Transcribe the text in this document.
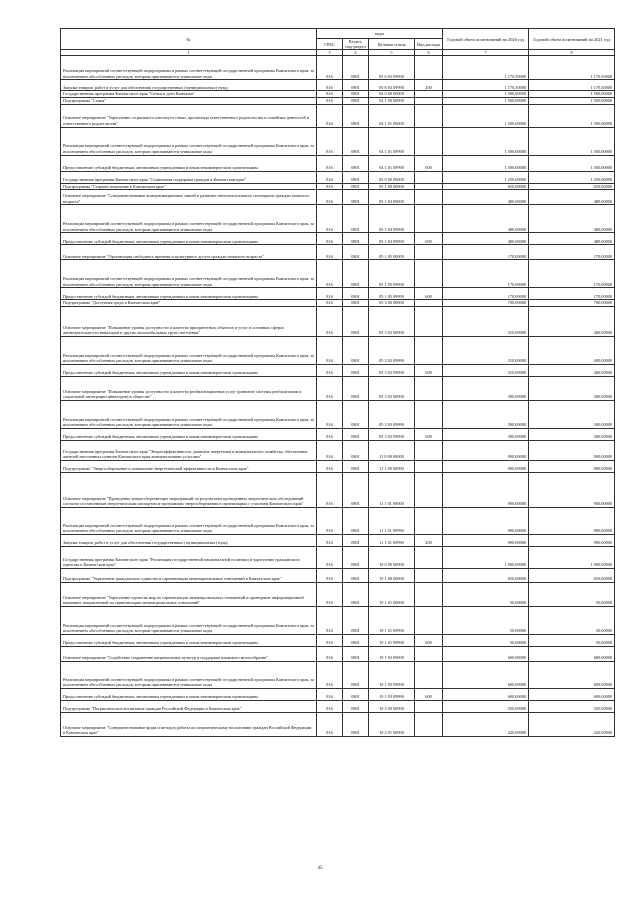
№	коды				Годовой объем ассигнований на 2020 год	Годовой объем ассигнований на 2021 год
	ГРБС	Раздел, под-раздел	Целевая статья	Вид расхода		
1	3	4	5	6	7	8
Реализация мероприятий соответствующей подпрограммы в рамках соответствующей государственной программы Камчатского края, за исключением обособленных расходов, которым присваиваются уникальные коды	816	0801	05 6 03 09990		1 170,50000	1 170,50000
Закупка товаров, работ и услуг для обеспечения государственных (муниципальных) нужд	816	0801	05 6 03 09990	200	1 170,50000	1 170,50000
Государственная программа Камчатского края "Семья и дети Камчатки"	816	0801	04 0 00 00000		1 500,00000	1 500,00000
Подпрограмма "Семья"	816	0801	04 1 00 00000		1 500,00000	1 500,00000
Основное мероприятие "Укрепление социального института семьи, пропаганда ответственного родительства и семейных ценностей и ответственного родительства"	816	0801	04 1 01 00000		1 500,00000	1 500,00000
Реализация мероприятий соответствующей подпрограммы в рамках соответствующей государственной программы Камчатского края, за исключением обособленных расходов, которым присваиваются уникальные коды	816	0801	04 1 01 09990		1 500,00000	1 500,00000
Предоставление субсидий бюджетным, автономным учреждениям и иным некоммерческим организациям	816	0801	04 1 01 09990	600	1 500,00000	1 500,00000
Государственная программа Камчатского края "Социальная поддержка граждан в Камчатском крае"	816	0801	05 0 00 00000		1 250,00000	1 250,00000
Подпрограмма "Старшее поколение в Камчатском крае"	816	0801	05 1 00 00000		650,00000	650,00000
Основное мероприятие "Совершенствование коммуникационных связей и развитие интеллектуального потенциала граждан пожилого возраста"	816	0801	05 1 04 00000		480,00000	480,00000
Реализация мероприятий соответствующей подпрограммы в рамках соответствующей государственной программы Камчатского края, за исключением обособленных расходов, которым присваиваются уникальные коды	816	0801	05 1 04 09990		480,00000	480,00000
Предоставление субсидий бюджетным, автономным учреждениям и иным некоммерческим организациям	816	0801	05 1 04 09990	600	480,00000	480,00000
Основное мероприятие "Организация свободного времени и культурного досуга граждан пожилого возраста"	816	0801	05 1 05 00000		170,00000	170,00000
Реализация мероприятий соответствующей подпрограммы в рамках соответствующей государственной программы Камчатского края, за исключением обособленных расходов, которым присваиваются уникальные коды	816	0801	05 1 05 09990		170,00000	170,00000
Предоставление субсидий бюджетным, автономным учреждениям и иным некоммерческим организациям	816	0801	05 1 05 09990	600	170,00000	170,00000
Подпрограмма "Доступная среда в Камчатском крае"	816	0801	05 3 00 00000		700,00000	700,00000
Основное мероприятие "Повышение уровня доступности и качества приоритетных объектов и услуг в основных сферах жизнедеятельности инвалидов и других маломобильных групп населения"	816	0801	05 3 02 00000		310,00000	400,00000
Реализация мероприятий соответствующей подпрограммы в рамках соответствующей государственной программы Камчатского края, за исключением обособленных расходов, которым присваиваются уникальные коды	816	0801	05 3 02 09990		310,00000	400,00000
Предоставление субсидий бюджетным, автономным учреждениям и иным некоммерческим организациям	816	0801	05 3 02 09990	600	310,00000	400,00000
Основное мероприятие "Повышение уровня доступности и качества реабилитационных услуг (развитие системы реабилитации и социальной интеграции инвалидов) в обществе"	816	0801	05 3 03 00000		390,00000	300,00000
Реализация мероприятий соответствующей подпрограммы в рамках соответствующей государственной программы Камчатского края, за исключением обособленных расходов, которым присваиваются уникальные коды	816	0801	05 3 03 09990		390,00000	300,00000
Предоставление субсидий бюджетным, автономным учреждениям и иным некоммерческим организациям	816	0801	05 3 03 09990	600	390,00000	300,00000
Государственная программа Камчатского края "Энергоэффективность, развитие энергетики и коммунального хозяйства, обеспечение жителей населенных пунктов Камчатского края коммунальными услугами"	816	0801	11 0 00 00000		900,00000	900,00000
Подпрограмма "Энергосбережение и повышение энергетической эффективности в Камчатском крае"	816	0801	11 1 00 00000		900,00000	900,00000
Основное мероприятие "Проведение энергосберегающих мероприятий по результатам проведенных энергетических обследований согласно составленным энергетическим паспортам и программам энергосбережения в организациях с участием Камчатского края"	816	0801	11 1 01 00000		900,00000	900,00000
Реализация мероприятий соответствующей подпрограммы в рамках соответствующей государственной программы Камчатского края, за исключением обособленных расходов, которым присваиваются уникальные коды	816	0801	11 1 01 09990		900,00000	900,00000
Закупка товаров, работ и услуг для обеспечения государственных (муниципальных) нужд	816	0801	11 1 01 09990	200	900,00000	900,00000
Государственная программа Камчатского края "Реализация государственной национальной политики и укрепление гражданского единства в Камчатском крае"	816	0801	19 0 00 00000		1 000,00000	1 000,00000
Подпрограмма "Укрепление гражданского единства и гармонизация межнациональных отношений в Камчатском крае"	816	0801	19 1 00 00000		650,00000	650,00000
Основное мероприятие "Укрепление единства мир по гармонизации межнациональных отношений и проведение информационной кампании, направленной на гармонизацию межнациональных отношений"	816	0801	19 1 01 00000		50,00000	50,00000
Реализация мероприятий соответствующей подпрограммы в рамках соответствующей государственной программы Камчатского края, за исключением обособленных расходов, которым присваиваются уникальные коды	816	0801	19 1 01 09990		50,00000	50,00000
Предоставление субсидий бюджетным, автономным учреждениям и иным некоммерческим организациям	816	0801	19 1 01 09990	600	50,00000	50,00000
Основное мероприятие "Содействие сохранению национальных культур и поддержка языкового многообразия"	816	0801	19 1 03 00000		600,00000	600,00000
Реализация мероприятий соответствующей подпрограммы в рамках соответствующей государственной программы Камчатского края, за исключением обособленных расходов, которым присваиваются уникальные коды	816	0801	19 1 03 09990		600,00000	600,00000
Предоставление субсидий бюджетным, автономным учреждениям и иным некоммерческим организациям	816	0801	19 1 03 09990	600	600,00000	600,00000
Подпрограмма "Патриотическое воспитание граждан Российской Федерации в Камчатском крае"	816	0801	19 2 00 00000		350,00000	350,00000
Основное мероприятие "Совершенствование форм и методов работы по патриотическому воспитанию граждан Российской Федерации в Камчатском крае"	816	0801	19 2 01 00000		220,00000	220,00000
45
